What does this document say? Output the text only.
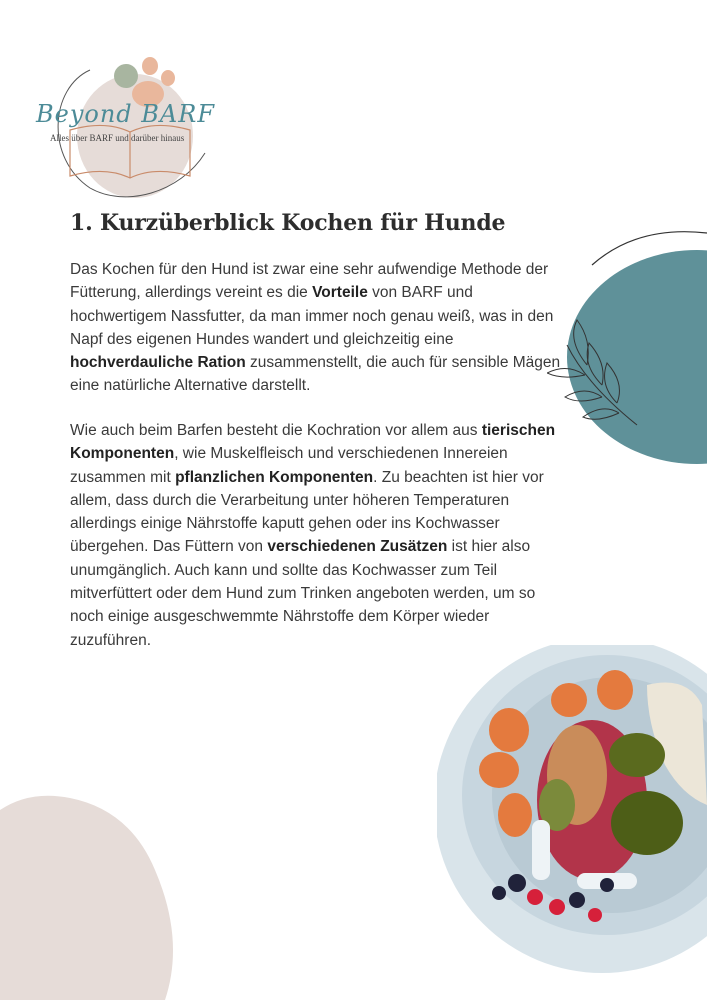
Beyond BARF
Alles über BARF und darüber hinaus
1. Kurzüberblick Kochen für Hunde

Das Kochen für den Hund ist zwar eine sehr aufwendige Methode der Fütterung, allerdings vereint es die Vorteile von BARF und hochwertigem Nassfutter, da man immer noch genau weiß, was in den Napf des eigenen Hundes wandert und gleichzeitig eine hochverdauliche Ration zusammenstellt, die auch für sensible Mägen eine natürliche Alternative darstellt.

Wie auch beim Barfen besteht die Kochration vor allem aus tierischen Komponenten, wie Muskelfleisch und verschiedenen Innereien zusammen mit pflanzlichen Komponenten. Zu beachten ist hier vor allem, dass durch die Verarbeitung unter höheren Temperaturen allerdings einige Nährstoffe kaputt gehen oder ins Kochwasser übergehen. Das Füttern von verschiedenen Zusätzen ist hier also unumgänglich. Auch kann und sollte das Kochwasser zum Teil mitverfüttert oder dem Hund zum Trinken angeboten werden, um so noch einige ausgeschwemmte Nährstoffe dem Körper wieder zuzuführen.
